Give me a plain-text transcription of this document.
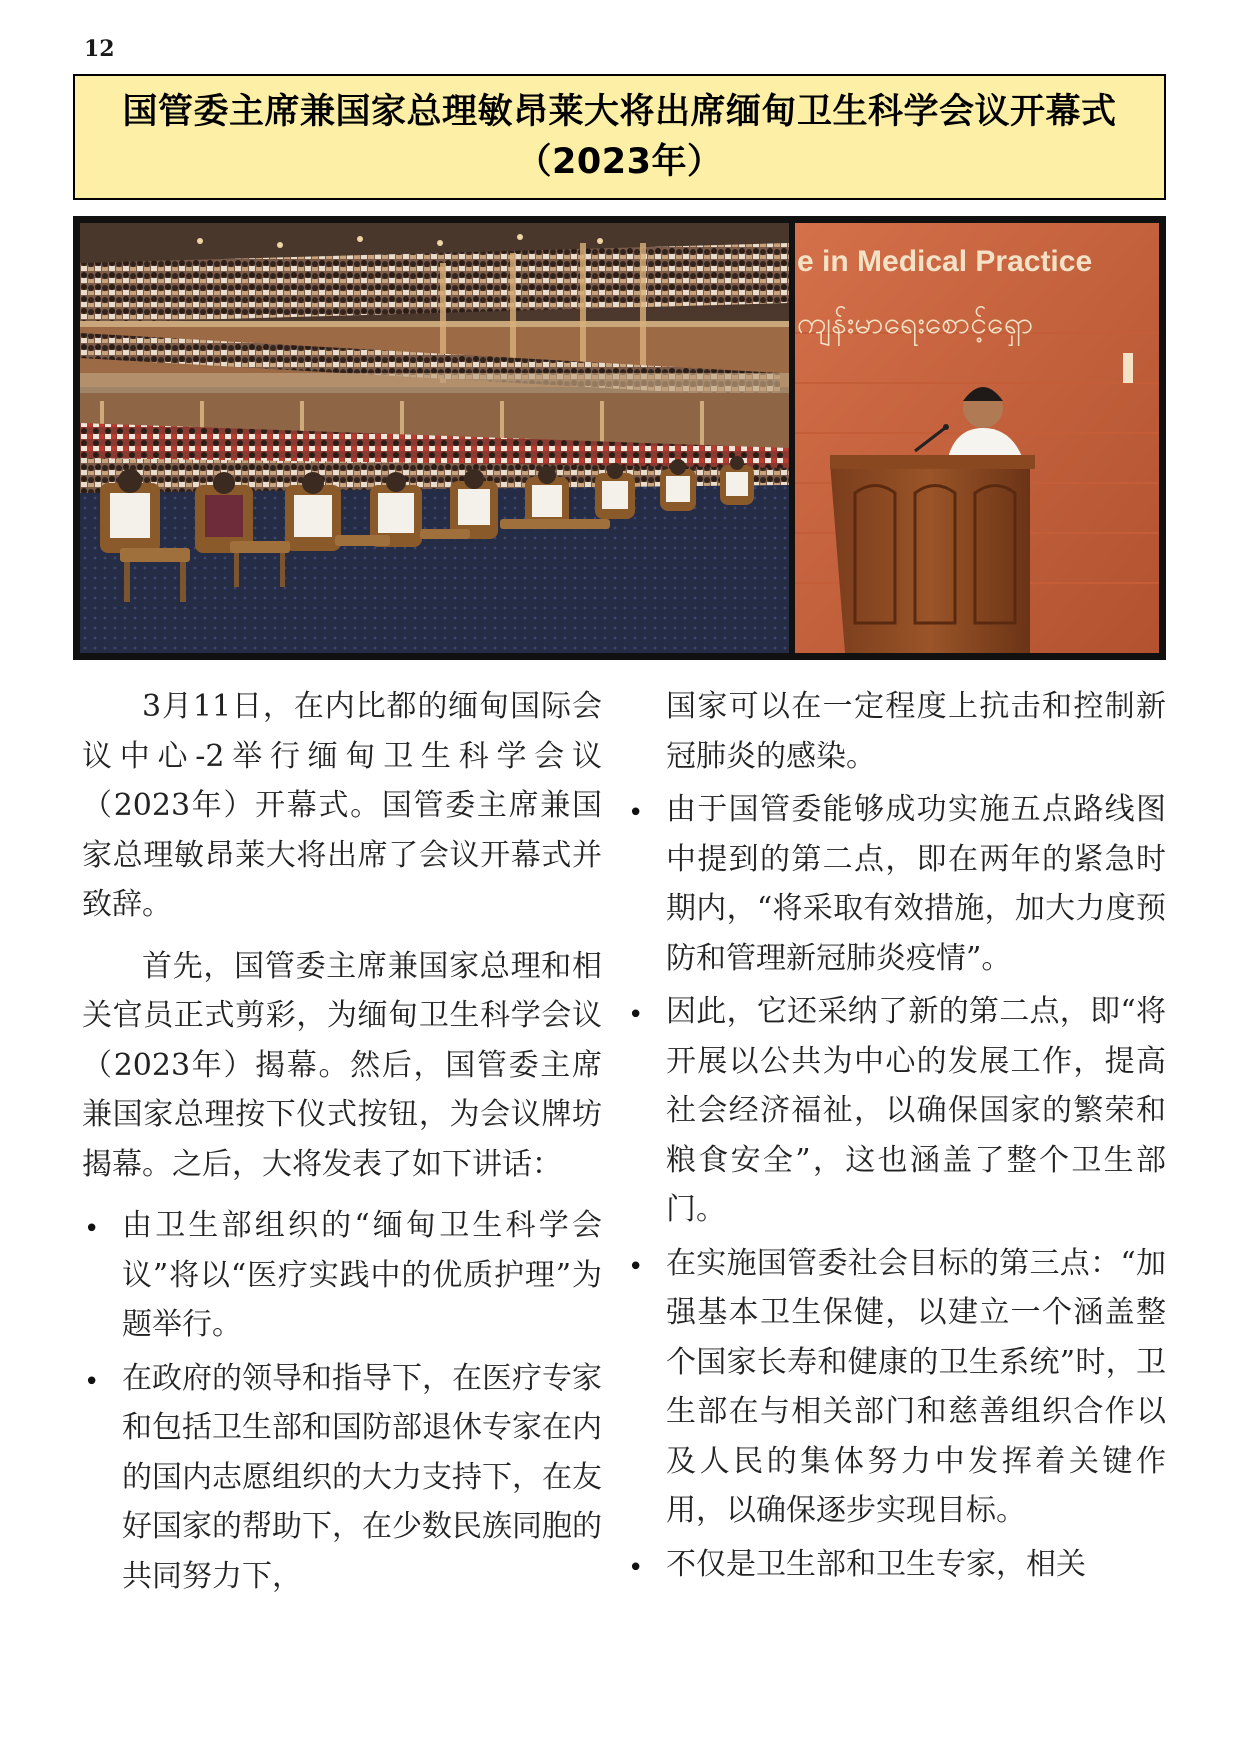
12
国管委主席兼国家总理敏昂莱大将出席缅甸卫生科学会议开幕式
（2023年）
e in Medical Practice
ကျန်းမာရေးစောင့်ရှော

3月11日，在内比都的缅甸国际会议中心-2举行缅甸卫生科学会议（2023年）开幕式。国管委主席兼国家总理敏昂莱大将出席了会议开幕式并致辞。

首先，国管委主席兼国家总理和相关官员正式剪彩，为缅甸卫生科学会议（2023年）揭幕。然后，国管委主席兼国家总理按下仪式按钮，为会议牌坊揭幕。之后，大将发表了如下讲话：

• 由卫生部组织的“缅甸卫生科学会议”将以“医疗实践中的优质护理”为题举行。
• 在政府的领导和指导下，在医疗专家和包括卫生部和国防部退休专家在内的国内志愿组织的大力支持下，在友好国家的帮助下，在少数民族同胞的共同努力下，

国家可以在一定程度上抗击和控制新冠肺炎的感染。

• 由于国管委能够成功实施五点路线图中提到的第二点，即在两年的紧急时期内，“将采取有效措施，加大力度预防和管理新冠肺炎疫情”。
• 因此，它还采纳了新的第二点，即“将开展以公共为中心的发展工作，提高社会经济福祉，以确保国家的繁荣和粮食安全”，这也涵盖了整个卫生部门。
• 在实施国管委社会目标的第三点：“加强基本卫生保健，以建立一个涵盖整个国家长寿和健康的卫生系统”时，卫生部在与相关部门和慈善组织合作以及人民的集体努力中发挥着关键作用，以确保逐步实现目标。
• 不仅是卫生部和卫生专家，相关
